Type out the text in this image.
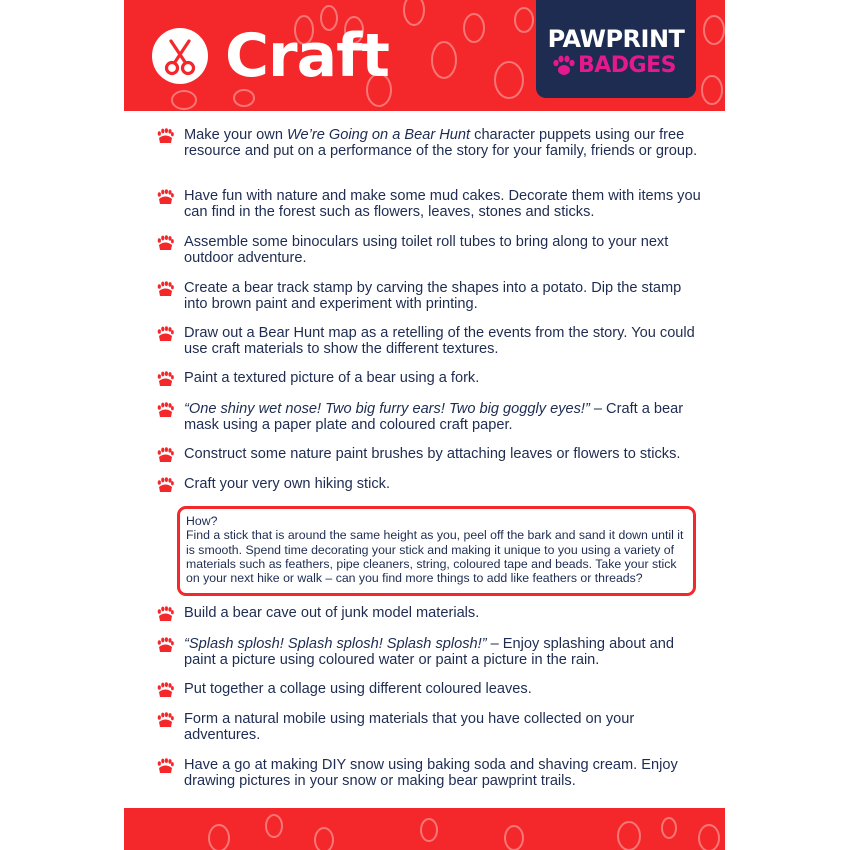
Craft	PAWPRINT
BADGES
Make your own We’re Going on a Bear Hunt character puppets using our free resource and put on a performance of the story for your family, friends or group.
Have fun with nature and make some mud cakes. Decorate them with items you can find in the forest such as flowers, leaves, stones and sticks.
Assemble some binoculars using toilet roll tubes to bring along to your next outdoor adventure.
Create a bear track stamp by carving the shapes into a potato. Dip the stamp into brown paint and experiment with printing.
Draw out a Bear Hunt map as a retelling of the events from the story. You could use craft materials to show the different textures.
Paint a textured picture of a bear using a fork.
“One shiny wet nose! Two big furry ears! Two big goggly eyes!” – Craft a bear mask using a paper plate and coloured craft paper.
Construct some nature paint brushes by attaching leaves or flowers to sticks.
Craft your very own hiking stick.
How?
Find a stick that is around the same height as you, peel off the bark and sand it down until it is smooth. Spend time decorating your stick and making it unique to you using a variety of materials such as feathers, pipe cleaners, string, coloured tape and beads. Take your stick on your next hike or walk – can you find more things to add like feathers or threads?
Build a bear cave out of junk model materials.
“Splash splosh! Splash splosh! Splash splosh!” – Enjoy splashing about and paint a picture using coloured water or paint a picture in the rain.
Put together a collage using different coloured leaves.
Form a natural mobile using materials that you have collected on your adventures.
Have a go at making DIY snow using baking soda and shaving cream. Enjoy drawing pictures in your snow or making bear pawprint trails.
